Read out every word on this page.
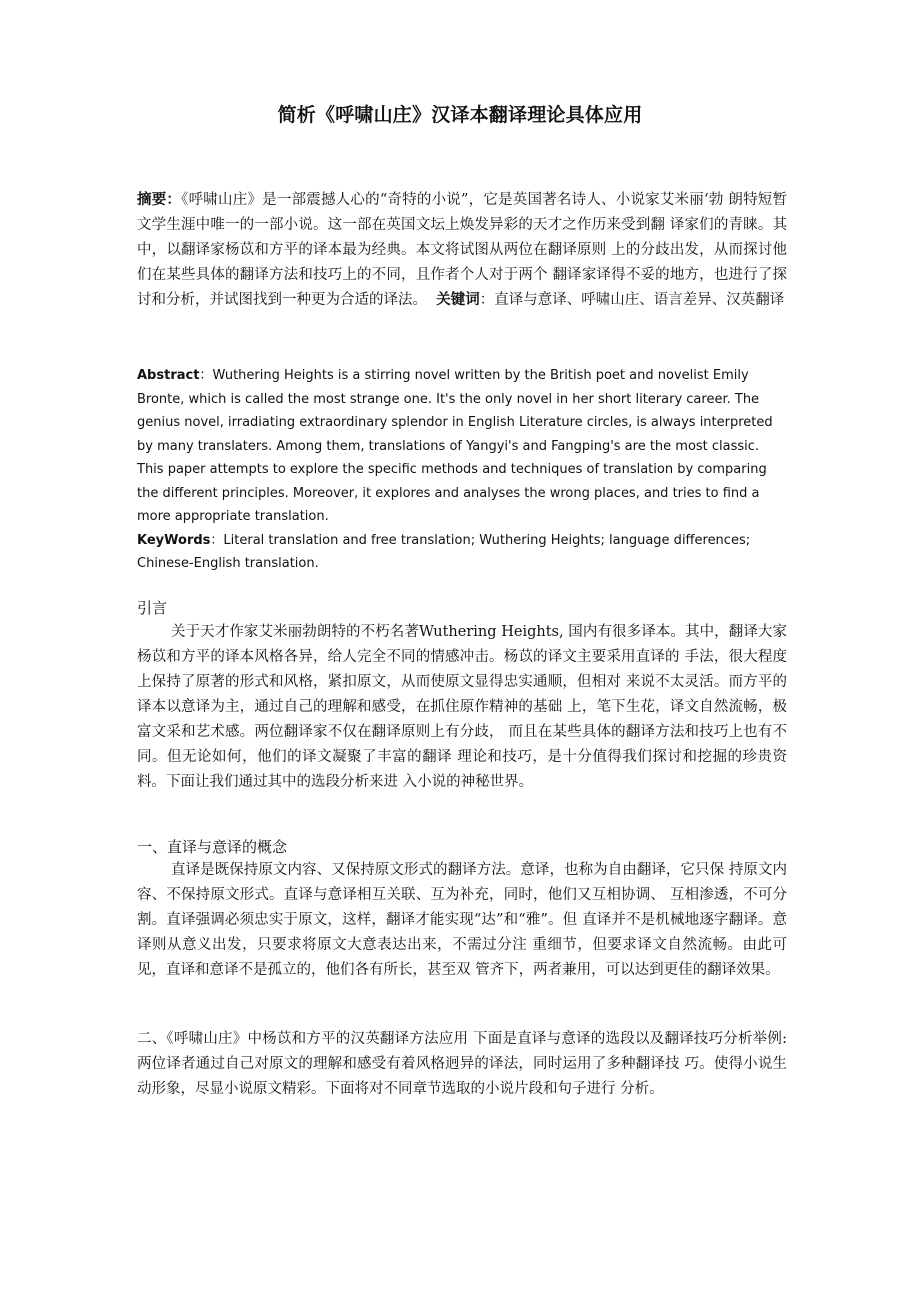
简析《呼啸山庄》汉译本翻译理论具体应用
摘要：《呼啸山庄》是一部震撼人心的“奇特的小说”，它是英国著名诗人、小说家艾米丽‘勃 朗特短暂文学生涯中唯一的一部小说。这一部在英国文坛上焕发异彩的天才之作历来受到翻 译家们的青睐。其中，以翻译家杨苡和方平的译本最为经典。本文将试图从两位在翻译原则 上的分歧出发，从而探讨他们在某些具体的翻译方法和技巧上的不同，且作者个人对于两个 翻译家译得不妥的地方，也进行了探讨和分析，并试图找到一种更为合适的译法。 关键词：直译与意译、呼啸山庄、语言差异、汉英翻译
Abstract：Wuthering Heights is a stirring novel written by the British poet and novelist Emily Bronte, which is called the most strange one. It's the only novel in her short literary career. The genius novel, irradiating extraordinary splendor in English Literature circles, is always interpreted by many translaters. Among them, translations of Yangyi's and Fangping's are the most classic. This paper attempts to explore the specific methods and techniques of translation by comparing the different principles. Moreover, it explores and analyses the wrong places, and tries to find a more appropriate translation.
KeyWords：Literal translation and free translation; Wuthering Heights; language differences; Chinese-English translation.
引言
关于天才作家艾米丽勃朗特的不朽名著Wuthering Heights, 国内有很多译本。其中，翻译大家杨苡和方平的译本风格各异，给人完全不同的情感冲击。杨苡的译文主要采用直译的 手法，很大程度上保持了原著的形式和风格，紧扣原文，从而使原文显得忠实通顺，但相对 来说不太灵活。而方平的译本以意译为主，通过自己的理解和感受，在抓住原作精神的基础 上，笔下生花，译文自然流畅，极富文采和艺术感。两位翻译家不仅在翻译原则上有分歧， 而且在某些具体的翻译方法和技巧上也有不同。但无论如何，他们的译文凝聚了丰富的翻译 理论和技巧，是十分值得我们探讨和挖掘的珍贵资料。下面让我们通过其中的选段分析来进 入小说的神秘世界。
一、直译与意译的概念
直译是既保持原文内容、又保持原文形式的翻译方法。意译，也称为自由翻译，它只保 持原文内容、不保持原文形式。直译与意译相互关联、互为补充，同时，他们又互相协调、 互相渗透，不可分割。直译强调必须忠实于原文，这样，翻译才能实现“达”和“雅”。但 直译并不是机械地逐字翻译。意译则从意义出发，只要求将原文大意表达出来，不需过分注 重细节，但要求译文自然流畅。由此可见，直译和意译不是孤立的，他们各有所长，甚至双 管齐下，两者兼用，可以达到更佳的翻译效果。
二、《呼啸山庄》中杨苡和方平的汉英翻译方法应用 下面是直译与意译的选段以及翻译技巧分析举例: 两位译者通过自己对原文的理解和感受有着风格迥异的译法，同时运用了多种翻译技 巧。使得小说生动形象，尽显小说原文精彩。下面将对不同章节选取的小说片段和句子进行 分析。
